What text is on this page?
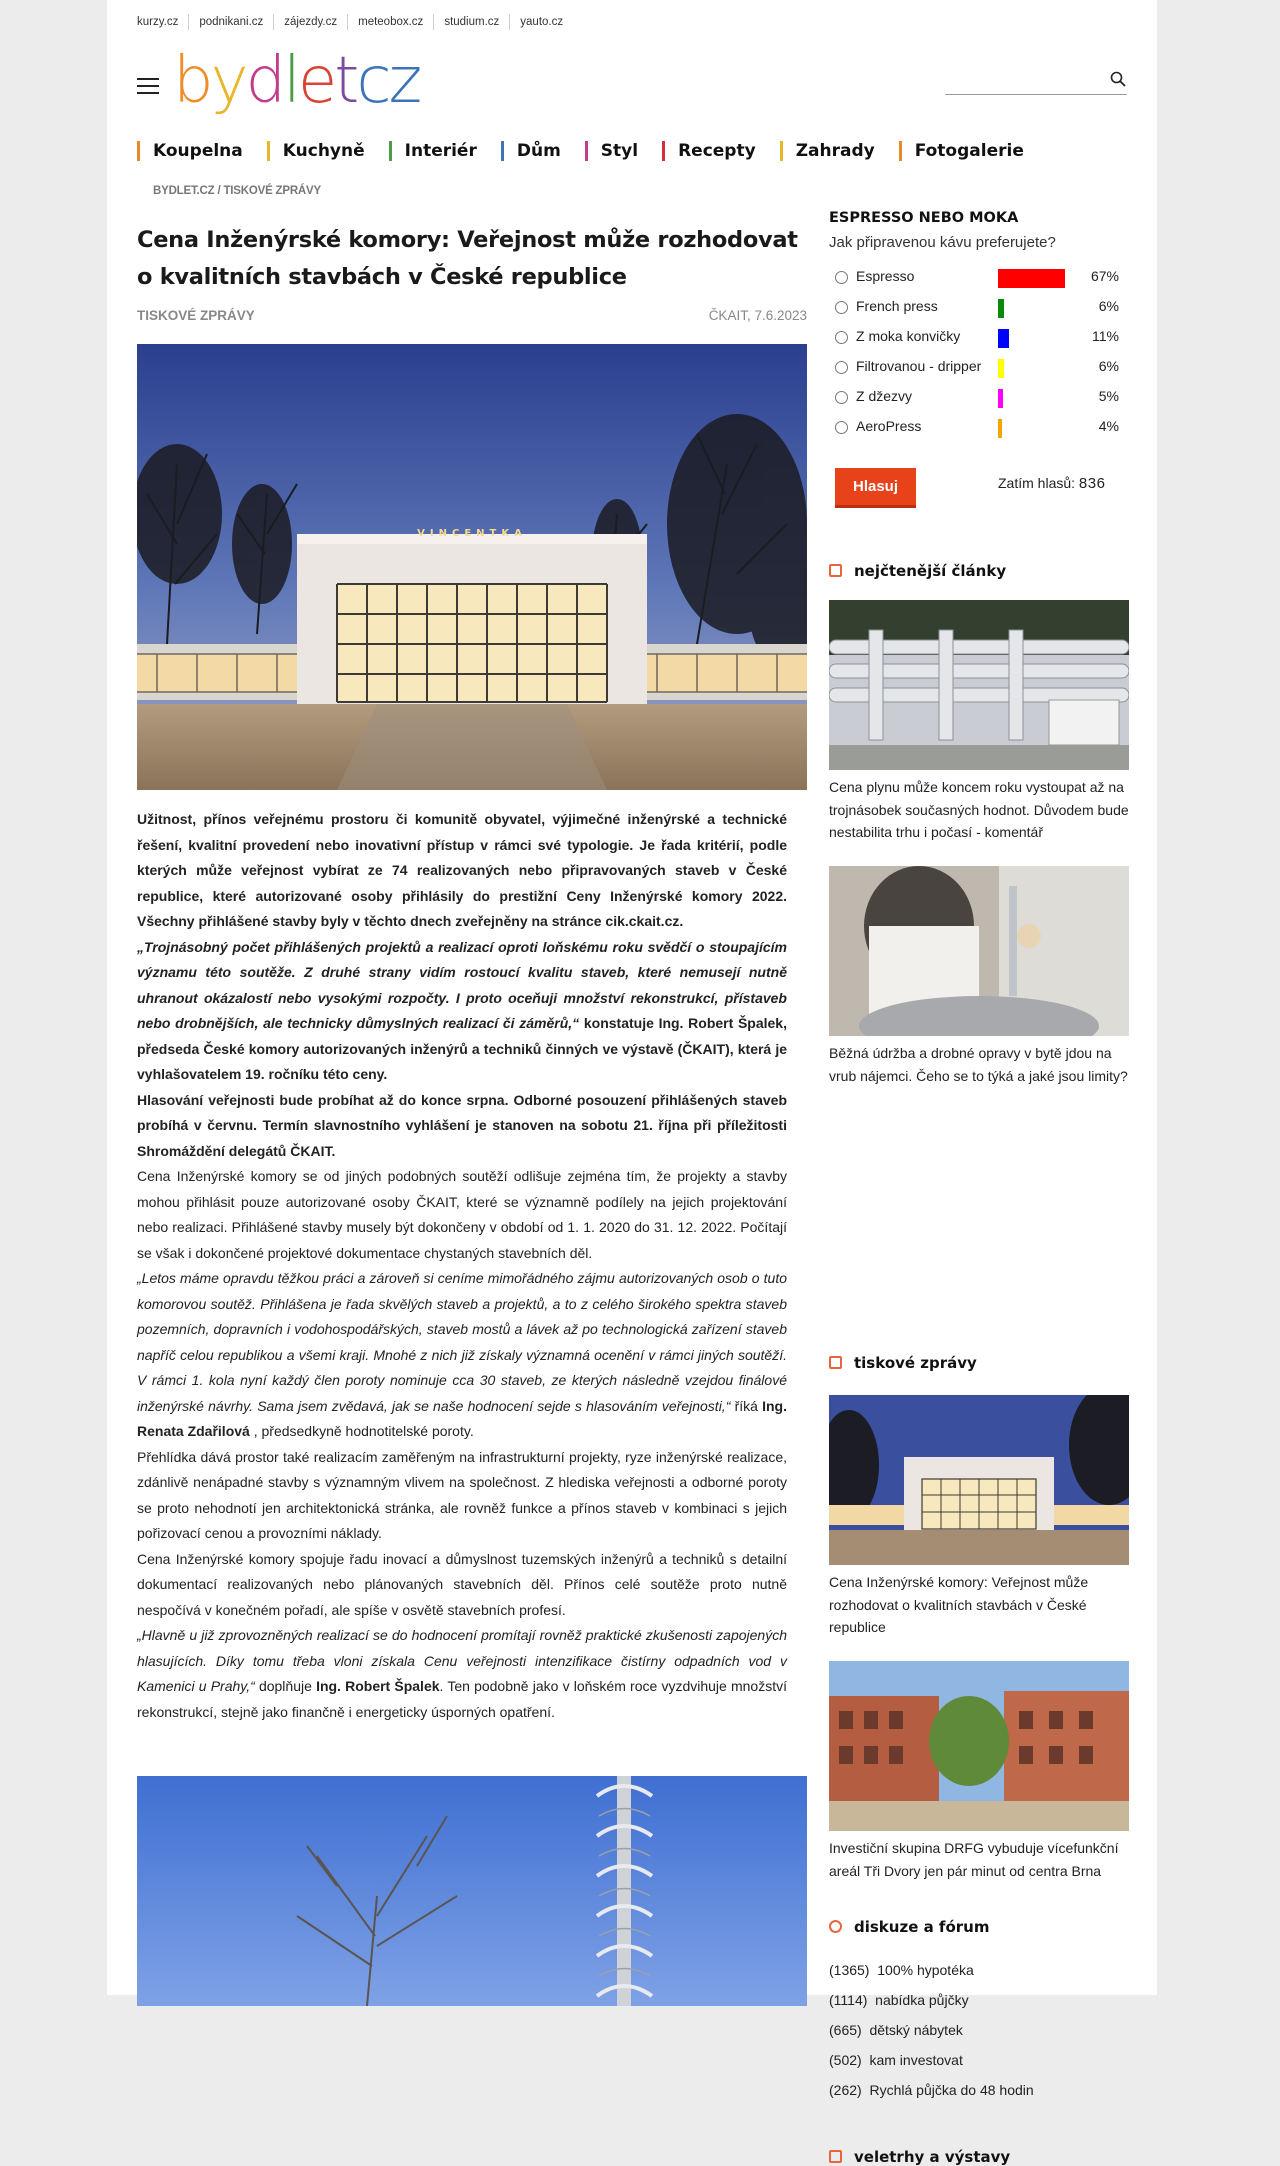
kurzy.cz	podnikani.cz	zájezdy.cz	meteobox.cz	studium.cz	yauto.cz
bydletcz
Koupelna	Kuchyně	Interiér	Dům	Styl	Recepty	Zahrady	Fotogalerie
BYDLET.CZ / TISKOVÉ ZPRÁVY
Cena Inženýrské komory: Veřejnost může rozhodovat o kvalitních stavbách v České republice
TISKOVÉ ZPRÁVY	ČKAIT, 7.6.2023
VINCENTKA

Užitnost, přínos veřejnému prostoru či komunitě obyvatel, výjimečné inženýrské a technické řešení, kvalitní provedení nebo inovativní přístup v rámci své typologie. Je řada kritérií, podle kterých může veřejnost vybírat ze 74 realizovaných nebo připravovaných staveb v České republice, které autorizované osoby přihlásily do prestižní Ceny Inženýrské komory 2022. Všechny přihlášené stavby byly v těchto dnech zveřejněny na stránce cik.ckait.cz.

„Trojnásobný počet přihlášených projektů a realizací oproti loňskému roku svědčí o stoupajícím významu této soutěže. Z druhé strany vidím rostoucí kvalitu staveb, které nemusejí nutně uhranout okázalostí nebo vysokými rozpočty. I proto oceňuji množství rekonstrukcí, přístaveb nebo drobnějších, ale technicky důmyslných realizací či záměrů,“ konstatuje Ing. Robert Špalek, předseda České komory autorizovaných inženýrů a techniků činných ve výstavě (ČKAIT), která je vyhlašovatelem 19. ročníku této ceny.

Hlasování veřejnosti bude probíhat až do konce srpna. Odborné posouzení přihlášených staveb probíhá v červnu. Termín slavnostního vyhlášení je stanoven na sobotu 21. října při příležitosti Shromáždění delegátů ČKAIT.

Cena Inženýrské komory se od jiných podobných soutěží odlišuje zejména tím, že projekty a stavby mohou přihlásit pouze autorizované osoby ČKAIT, které se významně podílely na jejich projektování nebo realizaci. Přihlášené stavby musely být dokončeny v období od 1. 1. 2020 do 31. 12. 2022. Počítají se však i dokončené projektové dokumentace chystaných stavebních děl.

„Letos máme opravdu těžkou práci a zároveň si ceníme mimořádného zájmu autorizovaných osob o tuto komorovou soutěž. Přihlášena je řada skvělých staveb a projektů, a to z celého širokého spektra staveb pozemních, dopravních i vodohospodářských, staveb mostů a lávek až po technologická zařízení staveb napříč celou republikou a všemi kraji. Mnohé z nich již získaly významná ocenění v rámci jiných soutěží. V rámci 1. kola nyní každý člen poroty nominuje cca 30 staveb, ze kterých následně vzejdou finálové inženýrské návrhy. Sama jsem zvědavá, jak se naše hodnocení sejde s hlasováním veřejnosti,“ říká Ing. Renata Zdařilová , předsedkyně hodnotitelské poroty.

Přehlídka dává prostor také realizacím zaměřeným na infrastrukturní projekty, ryze inženýrské realizace, zdánlivě nenápadné stavby s významným vlivem na společnost. Z hlediska veřejnosti a odborné poroty se proto nehodnotí jen architektonická stránka, ale rovněž funkce a přínos staveb v kombinaci s jejich pořizovací cenou a provozními náklady.

Cena Inženýrské komory spojuje řadu inovací a důmyslnost tuzemských inženýrů a techniků s detailní dokumentací realizovaných nebo plánovaných stavebních děl. Přínos celé soutěže proto nutně nespočívá v konečném pořadí, ale spíše v osvětě stavebních profesí.

„Hlavně u již zprovozněných realizací se do hodnocení promítají rovněž praktické zkušenosti zapojených hlasujících. Díky tomu třeba vloni získala Cenu veřejnosti intenzifikace čistírny odpadních vod v Kamenici u Prahy,“ doplňuje Ing. Robert Špalek. Ten podobně jako v loňském roce vyzdvihuje množství rekonstrukcí, stejně jako finančně i energeticky úsporných opatření.

ESPRESSO NEBO MOKA
Jak připravenou kávu preferujete?
Espresso	67%
French press	6%
Z moka konvičky	11%
Filtrovanou - dripper	6%
Z džezvy	5%
AeroPress	4%
Hlasuj	Zatím hlasů: 836
nejčtenější články
Cena plynu může koncem roku vystoupat až na trojnásobek současných hodnot. Důvodem bude nestabilita trhu i počasí - komentář
Běžná údržba a drobné opravy v bytě jdou na vrub nájemci. Čeho se to týká a jaké jsou limity?
tiskové zprávy
Cena Inženýrské komory: Veřejnost může rozhodovat o kvalitních stavbách v České republice
Investiční skupina DRFG vybuduje vícefunkční areál Tři Dvory jen pár minut od centra Brna
diskuze a fórum
(1365) 100% hypotéka
(1114) nabídka půjčky
(665) dětský nábytek
(502) kam investovat
(262) Rychlá půjčka do 48 hodin
veletrhy a výstavy
